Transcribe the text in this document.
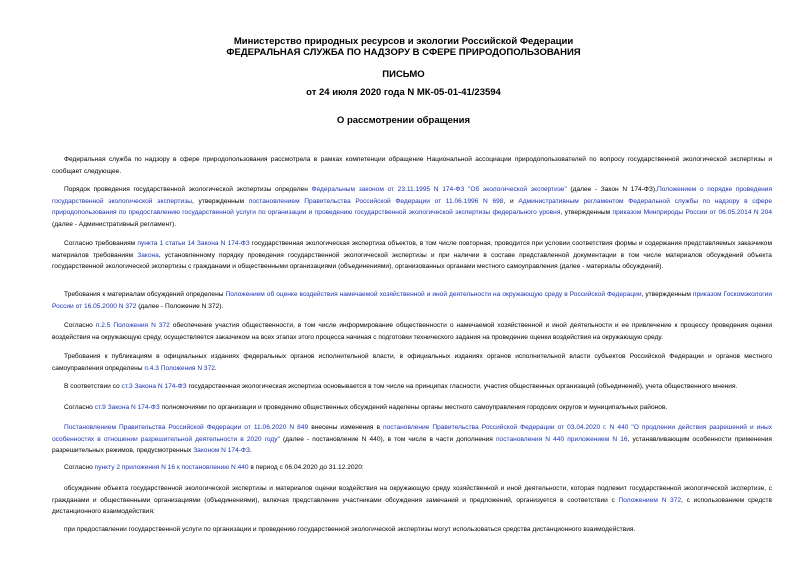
Министерство природных ресурсов и экологии Российской Федерации
ФЕДЕРАЛЬНАЯ СЛУЖБА ПО НАДЗОРУ В СФЕРЕ ПРИРОДОПОЛЬЗОВАНИЯ
ПИСЬМО
от 24 июля 2020 года N МК-05-01-41/23594
О рассмотрении обращения
Федеральная служба по надзору в сфере природопользования рассмотрела в рамках компетенции обращение Национальной ассоциации природопользователей по вопросу государственной экологической экспертизы и сообщает следующее.
Порядок проведения государственной экологической экспертизы определен Федеральным законом от 23.11.1995 N 174-ФЗ "Об экологической экспертизе" (далее - Закон N 174-ФЗ),Положением о порядке проведения государственной экологической экспертизы, утвержденным постановлением Правительства Российской Федерации от 11.06.1996 N 698, и Административным регламентом Федеральной службы по надзору в сфере природопользования по предоставлению государственной услуги по организации и проведению государственной экологической экспертизы федерального уровня, утвержденным приказом Минприроды России от 06.05.2014 N 204 (далее - Административный регламент).
Согласно требованиям пункта 1 статьи 14 Закона N 174-ФЗ государственная экологическая экспертиза объектов, в том числе повторная, проводится при условии соответствия формы и содержания представляемых заказчиком материалов требованиям Закона, установленному порядку проведения государственной экологической экспертизы и при наличии в составе представленной документации в том числе материалов обсуждений объекта государственной экологической экспертизы с гражданами и общественными организациями (объединениями), организованных органами местного самоуправления (далее - материалы обсуждений).
Требования к материалам обсуждений определены Положением об оценке воздействия намечаемой хозяйственной и иной деятельности на окружающую среду в Российской Федерации, утвержденным приказом Госкомэкологии России от 16.05.2000 N 372 (далее - Положение N 372).
Согласно п.2.5 Положения N 372 обеспечение участия общественности, в том числе информирование общественности о намечаемой хозяйственной и иной деятельности и ее привлечение к процессу проведения оценки воздействия на окружающую среду, осуществляется заказчиком на всех этапах этого процесса начиная с подготовки технического задания на проведение оценки воздействия на окружающую среду.
Требования к публикациям в официальных изданиях федеральных органов исполнительной власти, в официальных изданиях органов исполнительной власти субъектов Российской Федерации и органов местного самоуправления определены п.4.3 Положения N 372.
В соответствии со ст.3 Закона N 174-ФЗ государственная экологическая экспертиза основывается в том числе на принципах гласности, участия общественных организаций (объединений), учета общественного мнения.
Согласно ст.9 Закона N 174-ФЗ полномочиями по организации и проведению общественных обсуждений наделены органы местного самоуправления городских округов и муниципальных районов.
Постановлением Правительства Российской Федерации от 11.06.2020 N 849 внесены изменения в постановление Правительства Российской Федерации от 03.04.2020 г. N 440 "О продлении действия разрешений и иных особенностях в отношении разрешительной деятельности в 2020 году" (далее - постановление N 440), в том числе в части дополнения постановления N 440 приложением N 16, устанавливающим особенности применения разрешительных режимов, предусмотренных Законом N 174-ФЗ.
Согласно пункту 2 приложения N 16 к постановлению N 440 в период с 06.04.2020 до 31.12.2020:
обсуждение объекта государственной экологической экспертизы и материалов оценки воздействия на окружающую среду хозяйственной и иной деятельности, которая подлежит государственной экологической экспертизе, с гражданами и общественными организациями (объединениями), включая представление участниками обсуждения замечаний и предложений, организуется в соответствии с Положением N 372, с использованием средств дистанционного взаимодействия;
при предоставлении государственной услуги по организации и проведению государственной экологической экспертизы могут использоваться средства дистанционного взаимодействия.
